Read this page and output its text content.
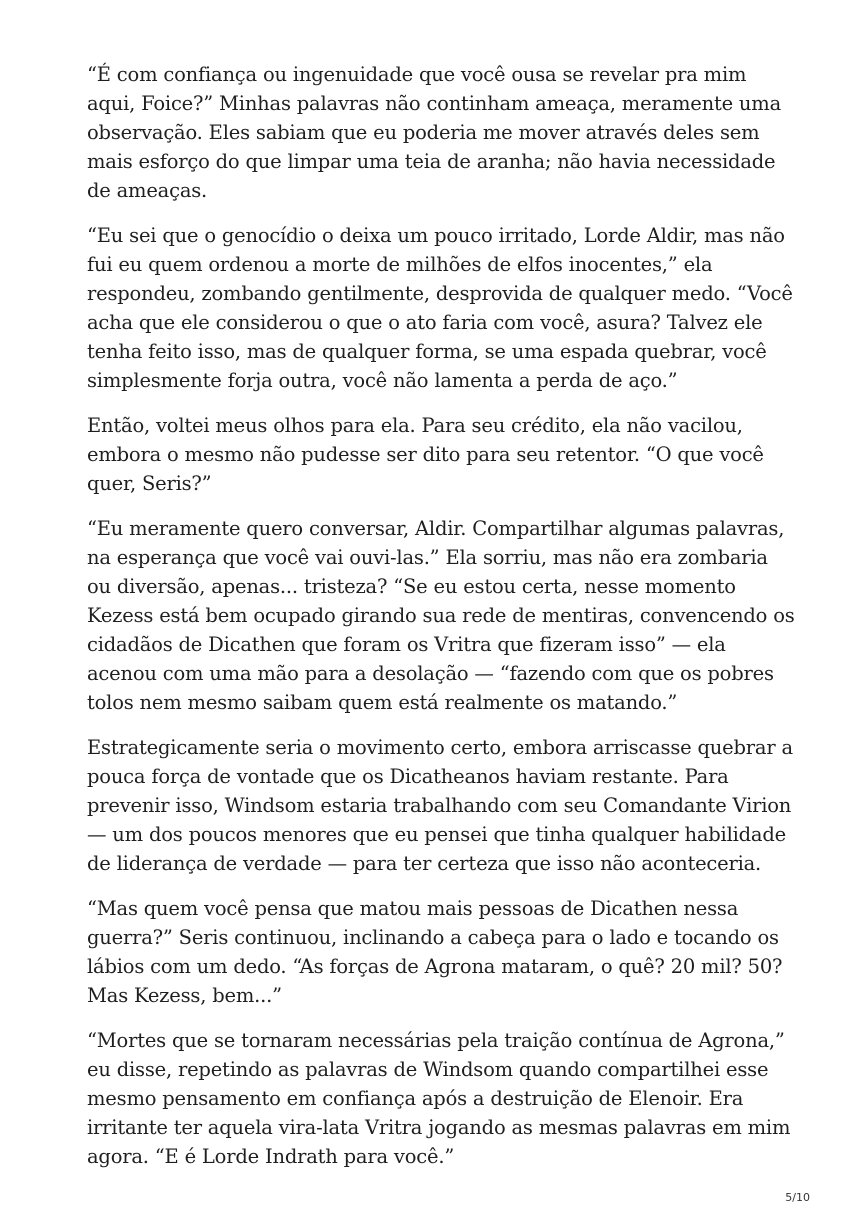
“É com confiança ou ingenuidade que você ousa se revelar pra mim aqui, Foice?” Minhas palavras não continham ameaça, meramente uma observação. Eles sabiam que eu poderia me mover através deles sem mais esforço do que limpar uma teia de aranha; não havia necessidade de ameaças.

“Eu sei que o genocídio o deixa um pouco irritado, Lorde Aldir, mas não fui eu quem ordenou a morte de milhões de elfos inocentes,” ela respondeu, zombando gentilmente, desprovida de qualquer medo. “Você acha que ele considerou o que o ato faria com você, asura? Talvez ele tenha feito isso, mas de qualquer forma, se uma espada quebrar, você simplesmente forja outra, você não lamenta a perda de aço.”

Então, voltei meus olhos para ela. Para seu crédito, ela não vacilou, embora o mesmo não pudesse ser dito para seu retentor. “O que você quer, Seris?”

“Eu meramente quero conversar, Aldir. Compartilhar algumas palavras, na esperança que você vai ouvi-las.” Ela sorriu, mas não era zombaria ou diversão, apenas... tristeza? “Se eu estou certa, nesse momento Kezess está bem ocupado girando sua rede de mentiras, convencendo os cidadãos de Dicathen que foram os Vritra que fizeram isso” — ela acenou com uma mão para a desolação — “fazendo com que os pobres tolos nem mesmo saibam quem está realmente os matando.”

Estrategicamente seria o movimento certo, embora arriscasse quebrar a pouca força de vontade que os Dicatheanos haviam restante. Para prevenir isso, Windsom estaria trabalhando com seu Comandante Virion — um dos poucos menores que eu pensei que tinha qualquer habilidade de liderança de verdade — para ter certeza que isso não aconteceria.

“Mas quem você pensa que matou mais pessoas de Dicathen nessa guerra?” Seris continuou, inclinando a cabeça para o lado e tocando os lábios com um dedo. “As forças de Agrona mataram, o quê? 20 mil? 50? Mas Kezess, bem...”

“Mortes que se tornaram necessárias pela traição contínua de Agrona,” eu disse, repetindo as palavras de Windsom quando compartilhei esse mesmo pensamento em confiança após a destruição de Elenoir. Era irritante ter aquela vira-lata Vritra jogando as mesmas palavras em mim agora. “E é Lorde Indrath para você.”

5/10
